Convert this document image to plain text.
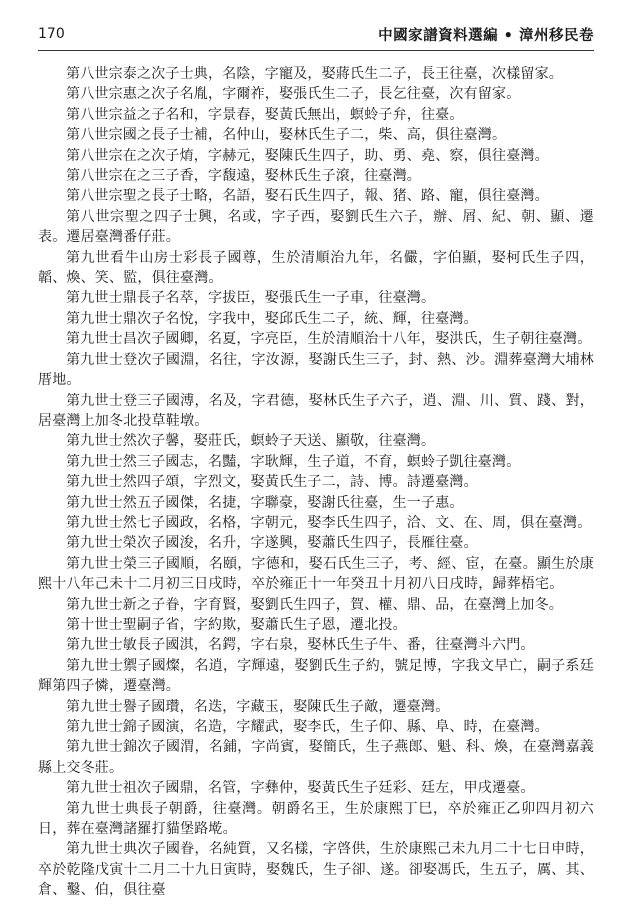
170	中國家譜資料選編 • 漳州移民卷

第八世宗泰之次子士典，名陰，字寵及，娶蔣氏生二子，長王往臺，次樣留家。

第八世宗惠之次子名胤，字爾祚，娶張氏生二子，長乞往臺，次有留家。

第八世宗益之子名和，字景春，娶黃氏無出，螟蛉子弁，往臺。

第八世宗國之長子士補，名仲山，娶林氏生子二，柴、高，俱往臺灣。

第八世宗在之次子焴，字赫元，娶陳氏生四子，助、勇、堯、察，俱往臺灣。

第八世宗在之三子香，字馥遠，娶林氏生子滾，往臺灣。

第八世宗聖之長子士略，名語，娶石氏生四子，報、猪、路、寵，俱往臺灣。

第八世宗聖之四子士興，名或，字子西，娶劉氏生六子，辦、屑、紀、朝、顯、遷表。遷居臺灣番仔莊。

第九世看牛山房士彩長子國尊，生於清順治九年，名儼，字伯顯，娶柯氏生子四，韜、煥、笑、監，俱往臺灣。

第九世士鼎長子名萃，字拔臣，娶張氏生一子車，往臺灣。

第九世士鼎次子名悅，字我中，娶邱氏生二子，統、輝，往臺灣。

第九世士昌次子國卿，名夏，字亮臣，生於清順治十八年，娶洪氏，生子朝往臺灣。

第九世士登次子國淵，名往，字汝源，娶謝氏生三子，封、熱、沙。淵葬臺灣大埔林厝地。

第九世士登三子國溥，名及，字君德，娶林氏生子六子，逍、淵、川、質、踐、對，居臺灣上加冬北投草鞋墩。

第九世士然次子馨，娶莊氏，螟蛉子天送、顯敬，往臺灣。

第九世士然三子國志，名豔，字耿輝，生子道，不育，螟蛉子凱往臺灣。

第九世士然四子頌，字烈文，娶黃氏生子二，詩、博。詩遷臺灣。

第九世士然五子國傑，名捷，字聯豪，娶謝氏往臺，生一子惠。

第九世士然七子國政，名格，字朝元，娶李氏生四子，洽、文、在、周，俱在臺灣。

第九世士榮次子國浚，名升，字遂興，娶蕭氏生四子，長雁往臺。

第九世士榮三子國順，名頤，字德和，娶石氏生三子，考、經、宦，在臺。顯生於康熙十八年己未十二月初三日戌時，卒於雍正十一年癸丑十月初八日戌時，歸葬梧宅。

第九世士新之子眷，字育賢，娶劉氏生四子，賀、權、鼎、品，在臺灣上加冬。

第十世士聖嗣子省，字約欺，娶蕭氏生子恩，遷北投。

第九世士敏長子國淇，名鍔，字右泉，娶林氏生子牛、番，往臺灣斗六門。

第九世士禦子國燦，名逍，字輝遠，娶劉氏生子約，號足博，字我文早亡，嗣子系廷輝第四子憐，遷臺灣。

第九世士譽子國瓚，名迭，字藏玉，娶陳氏生子敵，遷臺灣。

第九世士錦子國演，名造，字耀武，娶李氏，生子仰、縣、阜、時，在臺灣。

第九世士錦次子國渭，名鋪，字尚賓，娶簡氏，生子燕郎、魁、科、煥，在臺灣嘉義縣上交冬莊。

第九世士祖次子國鼎，名管，字彝仲，娶黃氏生子廷彩、廷左，甲戌遷臺。

第九世士典長子朝爵，往臺灣。朝爵名王，生於康熙丁巳，卒於雍正乙卯四月初六日，葬在臺灣諸羅打貓堡路墘。

第九世士典次子國眷，名純質，又名樣，字啓供，生於康熙己未九月二十七日申時，卒於乾隆戊寅十二月二十九日寅時，娶魏氏，生子卻、遂。卻娶馮氏，生五子，厲、其、倉、鑿、伯，俱往臺
